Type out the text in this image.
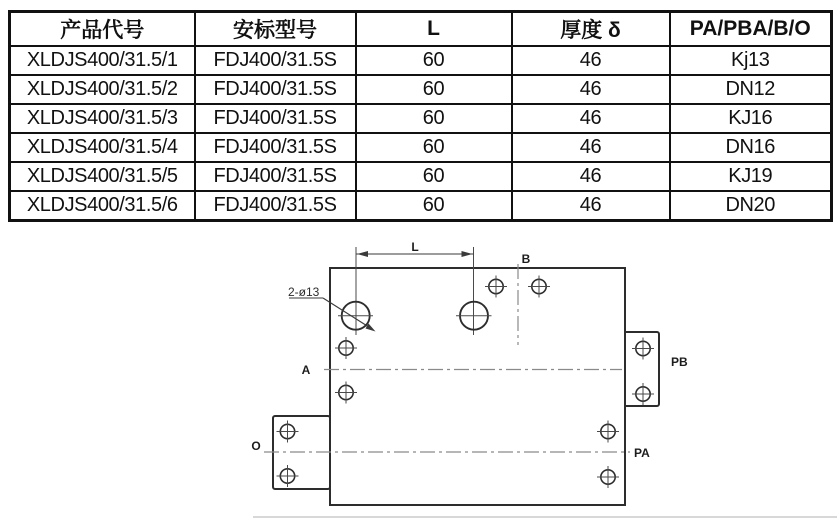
产品代号	安标型号	L	厚度 δ	PA/PBA/B/O
XLDJS400/31.5/1	FDJ400/31.5S	60	46	Kj13
XLDJS400/31.5/2	FDJ400/31.5S	60	46	DN12
XLDJS400/31.5/3	FDJ400/31.5S	60	46	KJ16
XLDJS400/31.5/4	FDJ400/31.5S	60	46	DN16
XLDJS400/31.5/5	FDJ400/31.5S	60	46	KJ19
XLDJS400/31.5/6	FDJ400/31.5S	60	46	DN20
L
2-ø13
B
A
O	PA
PB
